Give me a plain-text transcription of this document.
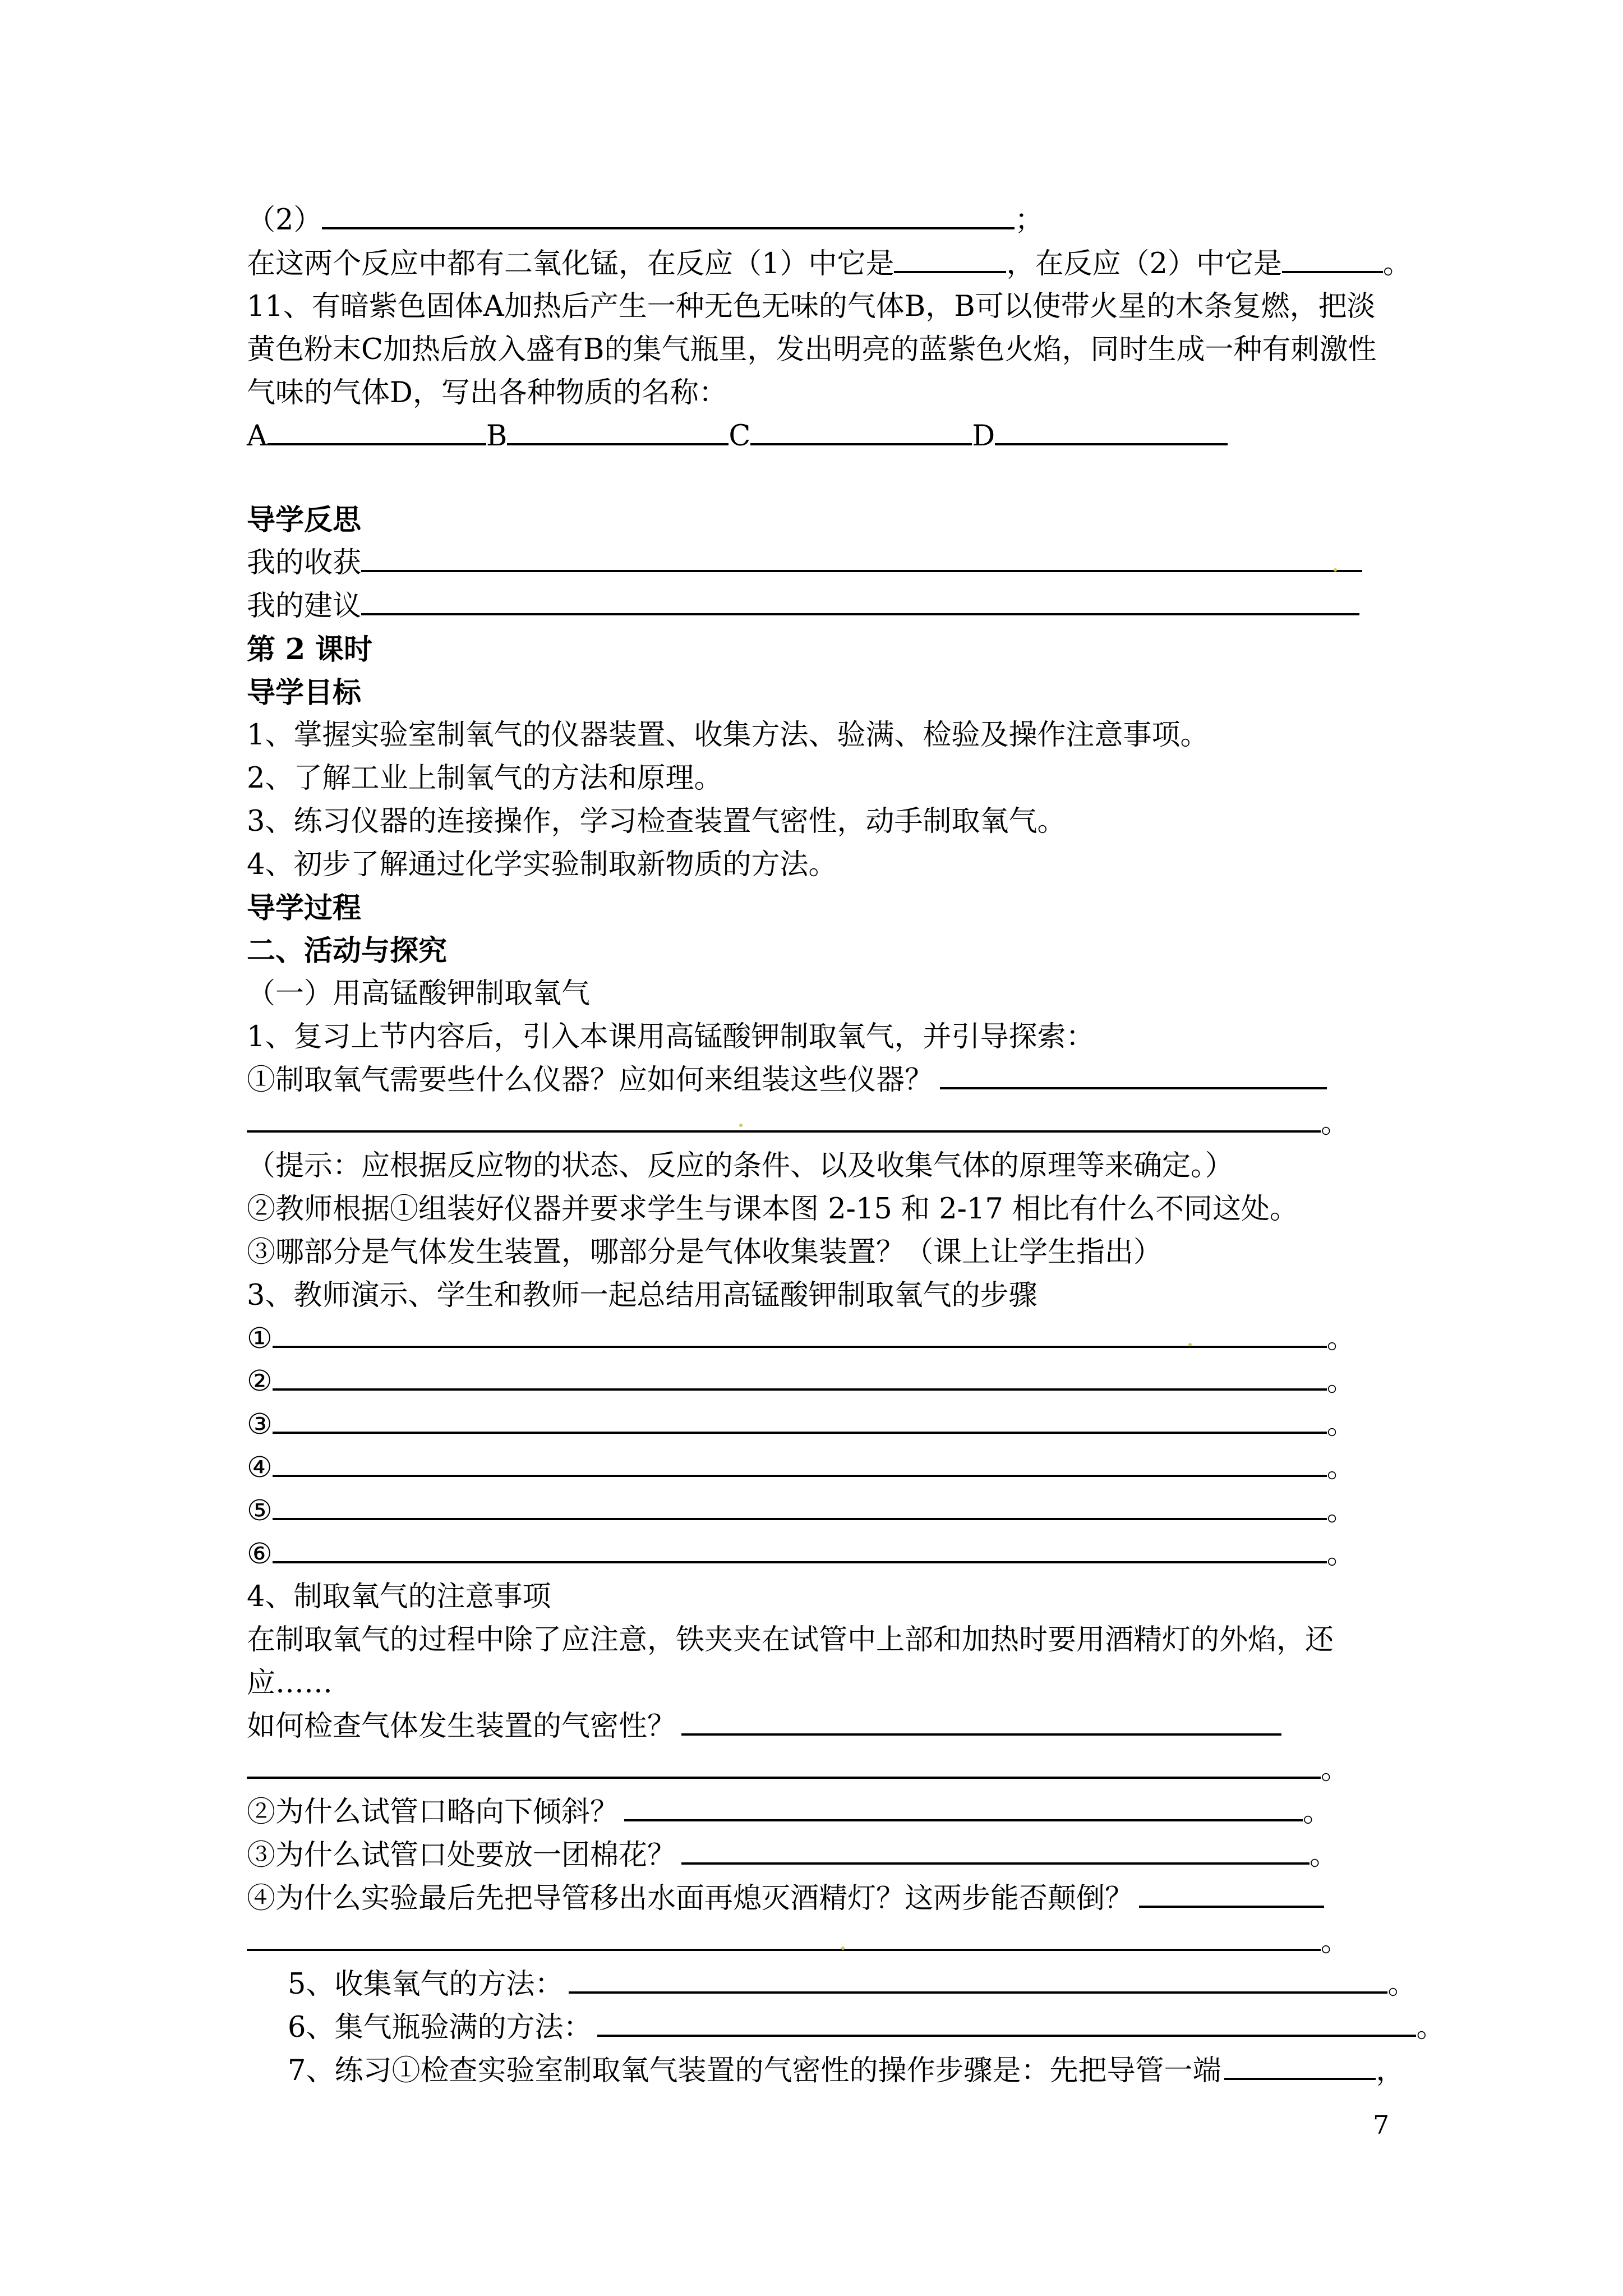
（2）	；
在这两个反应中都有二氧化锰，在反应（1）中它是	，在反应（2）中它是	。
11、有暗紫色固体A加热后产生一种无色无味的气体B，B可以使带火星的木条复燃，把淡
黄色粉末C加热后放入盛有B的集气瓶里，发出明亮的蓝紫色火焰，同时生成一种有刺激性
气味的气体D，写出各种物质的名称：
A	B	C	D
导学反思
我的收获
我的建议
第 2 课时
导学目标
1、掌握实验室制氧气的仪器装置、收集方法、验满、检验及操作注意事项。
2、了解工业上制氧气的方法和原理。
3、练习仪器的连接操作，学习检查装置气密性，动手制取氧气。
4、初步了解通过化学实验制取新物质的方法。
导学过程
二、活动与探究
（一）用高锰酸钾制取氧气
1、复习上节内容后，引入本课用高锰酸钾制取氧气，并引导探索：
①制取氧气需要些什么仪器？应如何来组装这些仪器？
。
（提示：应根据反应物的状态、反应的条件、以及收集气体的原理等来确定。）
②教师根据①组装好仪器并要求学生与课本图 2-15 和 2-17 相比有什么不同这处。
③哪部分是气体发生装置，哪部分是气体收集装置？（课上让学生指出）
3、教师演示、学生和教师一起总结用高锰酸钾制取氧气的步骤
①	。
②	。
③	。
④	。
⑤	。
⑥	。
4、制取氧气的注意事项
在制取氧气的过程中除了应注意，铁夹夹在试管中上部和加热时要用酒精灯的外焰，还
应……
如何检查气体发生装置的气密性？
。
②为什么试管口略向下倾斜？	。
③为什么试管口处要放一团棉花？	。
④为什么实验最后先把导管移出水面再熄灭酒精灯？这两步能否颠倒？
。
5、收集氧气的方法：	。
6、集气瓶验满的方法：	。
7、练习①检查实验室制取氧气装置的气密性的操作步骤是：先把导管一端	，
7
